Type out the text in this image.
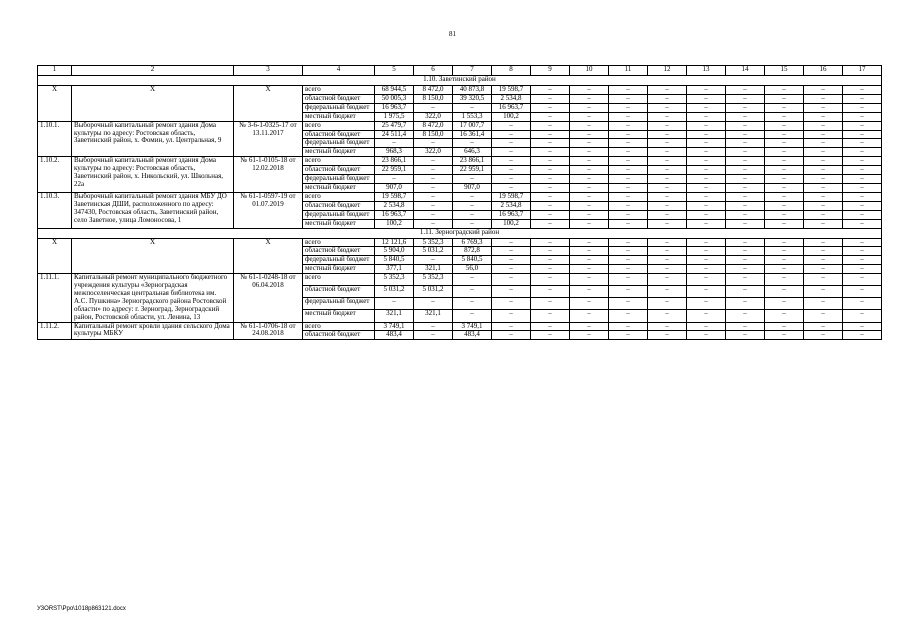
81
1	2	3	4	5	6	7	8	9	10	11	12	13	14	15	16	17
1.10. Заветинский район																
X	X	X	всего	68 944,5	8 472,0	40 873,8	19 598,7	–	–	–	–	–	–	–	–	–
			областной бюджет	50 005,3	8 150,0	39 320,5	2 534,8	–	–	–	–	–	–	–	–	–
			федеральный бюджет	16 963,7	–	–	16 963,7	–	–	–	–	–	–	–	–	–
			местный бюджет	1 975,5	322,0	1 553,3	100,2	–	–	–	–	–	–	–	–	–
1.10.1.	Выборочный капитальный ремонт здания Дома культуры по адресу: Ростовская область, Заветинский район, х. Фомин, ул. Центральная, 9	№ 3-6-1-0325-17 от 13.11.2017	всего	25 479,7	8 472,0	17 007,7	–	–	–	–	–	–	–	–	–	–
			областной бюджет	24 511,4	8 150,0	16 361,4	–	–	–	–	–	–	–	–	–	–
			федеральный бюджет	–	–	–	–	–	–	–	–	–	–	–	–	–
			местный бюджет	968,3	322,0	646,3	–	–	–	–	–	–	–	–	–	–
1.10.2.	Выборочный капитальный ремонт здания Дома культуры по адресу: Ростовская область, Заветинский район, х. Никольский, ул. Школьная, 22а	№ 61-1-0105-18 от 12.02.2018	всего	23 866,1	–	23 866,1	–	–	–	–	–	–	–	–	–	–
			областной бюджет	22 959,1	–	22 959,1	–	–	–	–	–	–	–	–	–	–
			федеральный бюджет	–	–	–	–	–	–	–	–	–	–	–	–	–
			местный бюджет	907,0	–	907,0	–	–	–	–	–	–	–	–	–	–
1.10.3.	Выборочный капитальный ремонт здания МБУ ДО Заветинская ДШИ, расположенного по адресу: 347430, Ростовская область, Заветинский район, село Заветное, улица Ломоносова, 1	№ 61-1-0597-19 от 01.07.2019	всего	19 598,7	–	–	19 598,7	–	–	–	–	–	–	–	–	–
			областной бюджет	2 534,8	–	–	2 534,8	–	–	–	–	–	–	–	–	–
			федеральный бюджет	16 963,7	–	–	16 963,7	–	–	–	–	–	–	–	–	–
			местный бюджет	100,2	–	–	100,2	–	–	–	–	–	–	–	–	–
1.11. Зерноградский район																
X	X	X	всего	12 121,6	5 352,3	6 769,3	–	–	–	–	–	–	–	–	–	–
			областной бюджет	5 904,0	5 031,2	872,8	–	–	–	–	–	–	–	–	–	–
			федеральный бюджет	5 840,5	–	5 840,5	–	–	–	–	–	–	–	–	–	–
			местный бюджет	377,1	321,1	56,0	–	–	–	–	–	–	–	–	–	–
1.11.1.	Капитальный ремонт муниципального бюджетного учреждения культуры «Зерноградская межпоселенческая центральная библиотека им. А.С. Пушкина» Зерноградского района Ростовской области» по адресу: г. Зерноград, Зерноградский район, Ростовской области, ул. Ленина, 13	№ 61-1-0248-18 от 06.04.2018	всего	5 352,3	5 352,3	–	–	–	–	–	–	–	–	–	–	–
			областной бюджет	5 031,2	5 031,2	–	–	–	–	–	–	–	–	–	–	–
			федеральный бюджет	–	–	–	–	–	–	–	–	–	–	–	–	–
			местный бюджет	321,1	321,1	–	–	–	–	–	–	–	–	–	–	–
1.11.2.	Капитальный ремонт кровли здания сельского Дома культуры МБКУ	№ 61-1-0706-18 от 24.08.2018	всего	3 749,1	–	3 749,1	–	–	–	–	–	–	–	–	–	–
			областной бюджет	483,4	–	483,4	–	–	–	–	–	–	–	–	–	–
У3ОRSТ\Рро\1018р863121.docx
